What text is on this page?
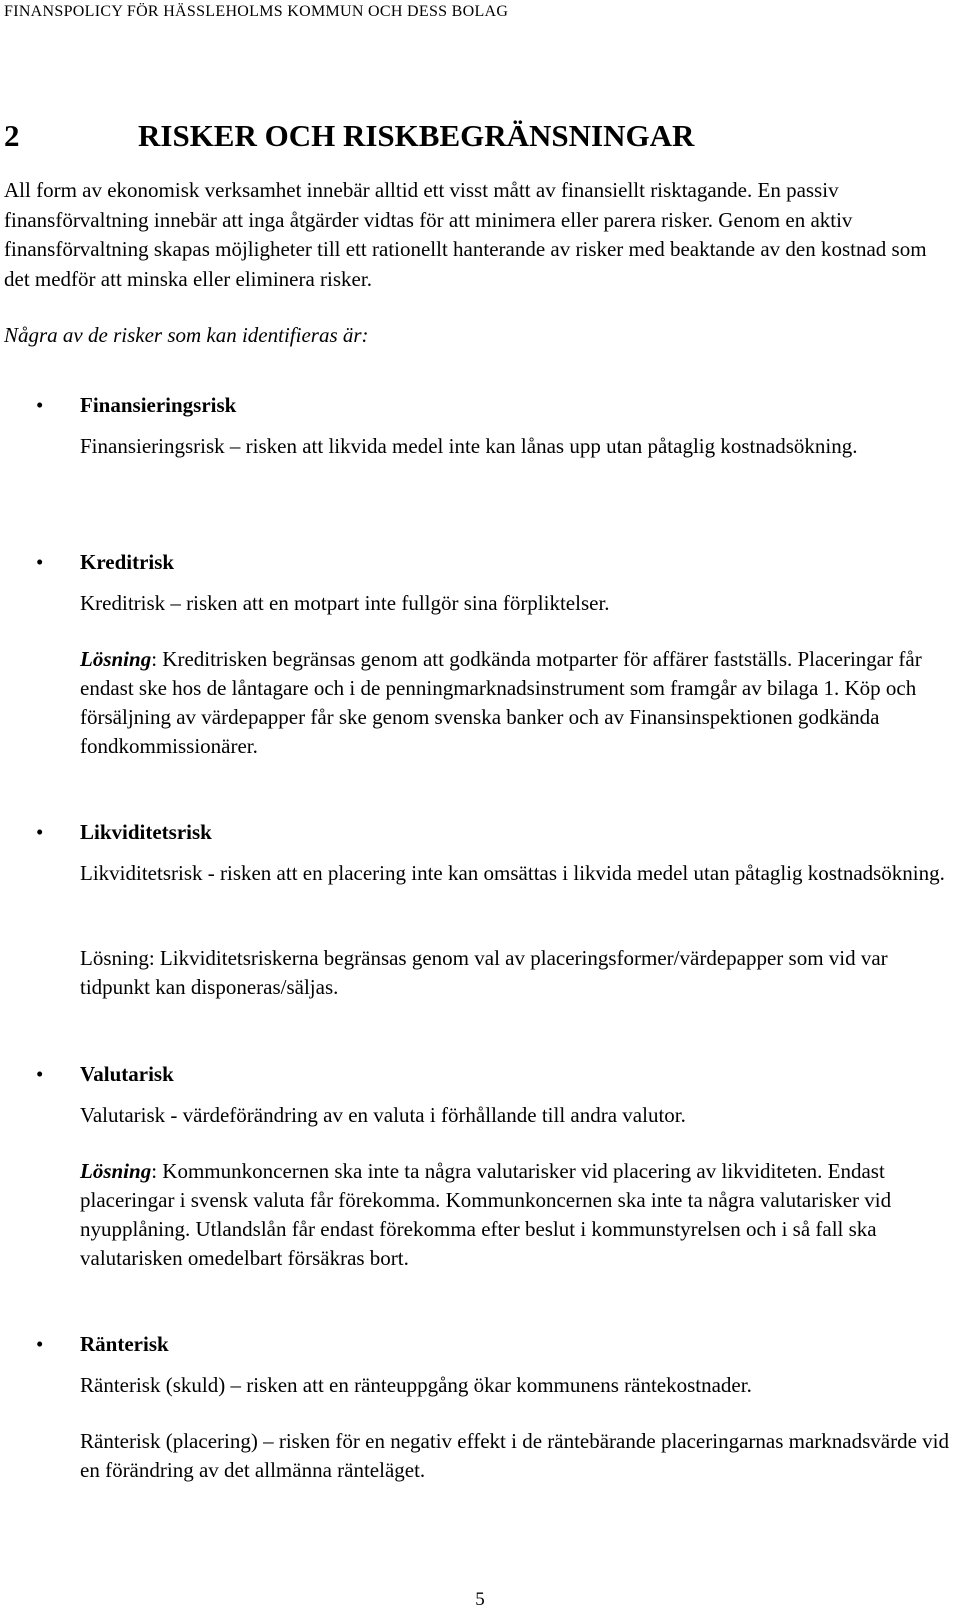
FINANSPOLICY FÖR HÄSSLEHOLMS KOMMUN OCH DESS BOLAG
2	RISKER OCH RISKBEGRÄNSNINGAR

All form av ekonomisk verksamhet innebär alltid ett visst mått av finansiellt risktagande. En passiv finansförvaltning innebär att inga åtgärder vidtas för att minimera eller parera risker. Genom en aktiv finansförvaltning skapas möjligheter till ett rationellt hanterande av risker med beaktande av den kostnad som det medför att minska eller eliminera risker.

Några av de risker som kan identifieras är:

• Finansieringsrisk

Finansieringsrisk – risken att likvida medel inte kan lånas upp utan påtaglig kostnadsökning.

• Kreditrisk

Kreditrisk – risken att en motpart inte fullgör sina förpliktelser.

Lösning: Kreditrisken begränsas genom att godkända motparter för affärer fastställs. Placeringar får endast ske hos de låntagare och i de penningmarknadsinstrument som framgår av bilaga 1. Köp och försäljning av värdepapper får ske genom svenska banker och av Finansinspektionen godkända fondkommissionärer.

• Likviditetsrisk

Likviditetsrisk - risken att en placering inte kan omsättas i likvida medel utan påtaglig kostnadsökning.

Lösning: Likviditetsriskerna begränsas genom val av placeringsformer/värdepapper som vid var tidpunkt kan disponeras/säljas.

• Valutarisk

Valutarisk - värdeförändring av en valuta i förhållande till andra valutor.

Lösning: Kommunkoncernen ska inte ta några valutarisker vid placering av likviditeten. Endast placeringar i svensk valuta får förekomma. Kommunkoncernen ska inte ta några valutarisker vid nyupplåning. Utlandslån får endast förekomma efter beslut i kommunstyrelsen och i så fall ska valutarisken omedelbart försäkras bort.

• Ränterisk

Ränterisk (skuld) – risken att en ränteuppgång ökar kommunens räntekostnader.

Ränterisk (placering) – risken för en negativ effekt i de räntebärande placeringarnas marknadsvärde vid en förändring av det allmänna ränteläget.

5
